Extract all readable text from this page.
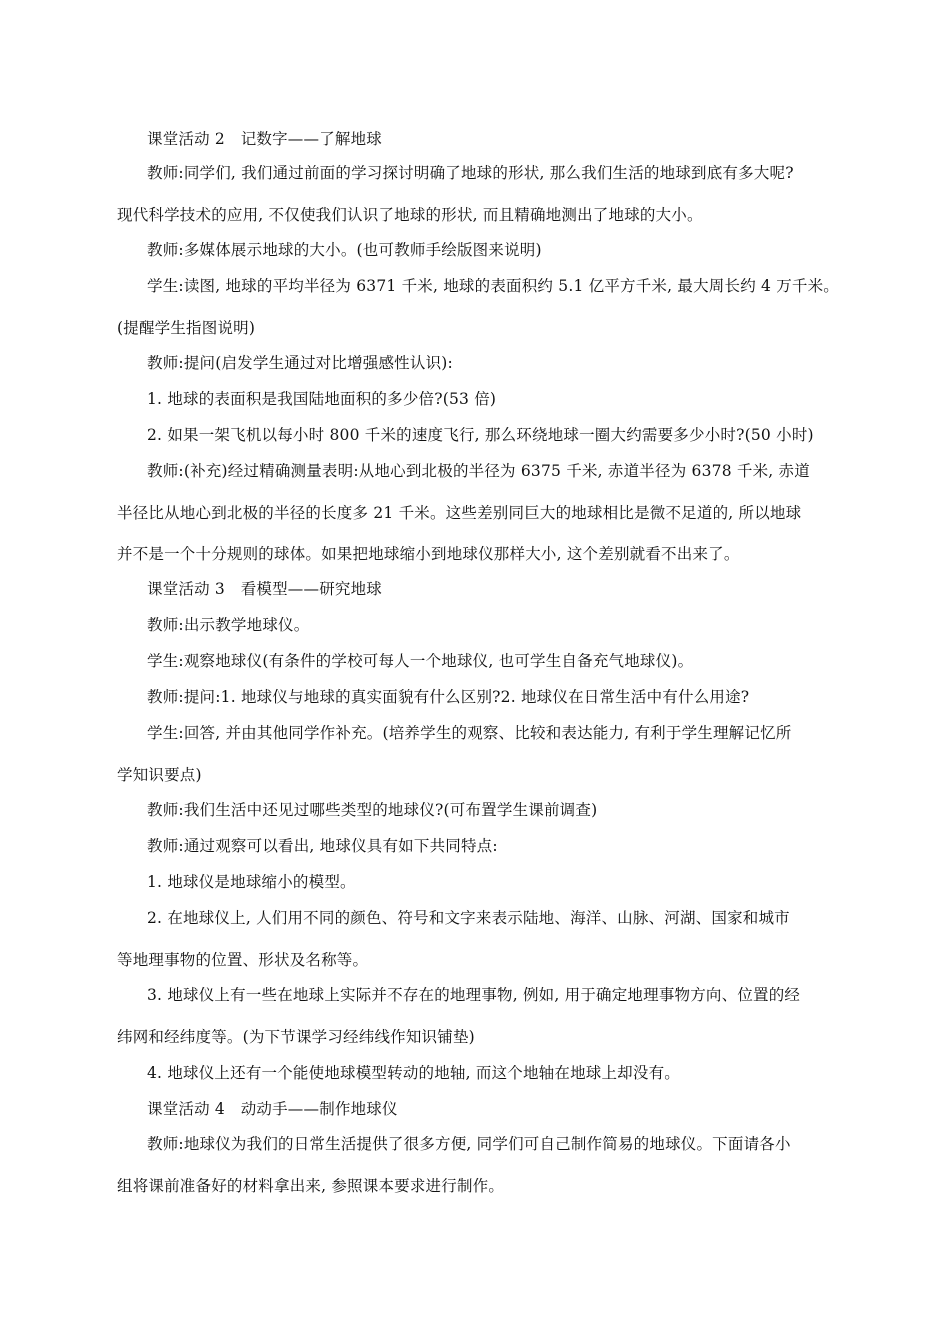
课堂活动 2　记数字——了解地球
教师:同学们, 我们通过前面的学习探讨明确了地球的形状, 那么我们生活的地球到底有多大呢?
现代科学技术的应用, 不仅使我们认识了地球的形状, 而且精确地测出了地球的大小。
教师:多媒体展示地球的大小。(也可教师手绘版图来说明)
学生:读图, 地球的平均半径为 6371 千米, 地球的表面积约 5.1 亿平方千米, 最大周长约 4 万千米。
(提醒学生指图说明)
教师:提问(启发学生通过对比增强感性认识):
1. 地球的表面积是我国陆地面积的多少倍?(53 倍)
2. 如果一架飞机以每小时 800 千米的速度飞行, 那么环绕地球一圈大约需要多少小时?(50 小时)
教师:(补充)经过精确测量表明:从地心到北极的半径为 6375 千米, 赤道半径为 6378 千米, 赤道
半径比从地心到北极的半径的长度多 21 千米。这些差别同巨大的地球相比是微不足道的, 所以地球
并不是一个十分规则的球体。如果把地球缩小到地球仪那样大小, 这个差别就看不出来了。
课堂活动 3　看模型——研究地球
教师:出示教学地球仪。
学生:观察地球仪(有条件的学校可每人一个地球仪, 也可学生自备充气地球仪)。
教师:提问:1. 地球仪与地球的真实面貌有什么区别?2. 地球仪在日常生活中有什么用途?
学生:回答, 并由其他同学作补充。(培养学生的观察、比较和表达能力, 有利于学生理解记忆所
学知识要点)
教师:我们生活中还见过哪些类型的地球仪?(可布置学生课前调查)
教师:通过观察可以看出, 地球仪具有如下共同特点:
1. 地球仪是地球缩小的模型。
2. 在地球仪上, 人们用不同的颜色、符号和文字来表示陆地、海洋、山脉、河湖、国家和城市
等地理事物的位置、形状及名称等。
3. 地球仪上有一些在地球上实际并不存在的地理事物, 例如, 用于确定地理事物方向、位置的经
纬网和经纬度等。(为下节课学习经纬线作知识铺垫)
4. 地球仪上还有一个能使地球模型转动的地轴, 而这个地轴在地球上却没有。
课堂活动 4　动动手——制作地球仪
教师:地球仪为我们的日常生活提供了很多方便, 同学们可自己制作简易的地球仪。下面请各小
组将课前准备好的材料拿出来, 参照课本要求进行制作。
